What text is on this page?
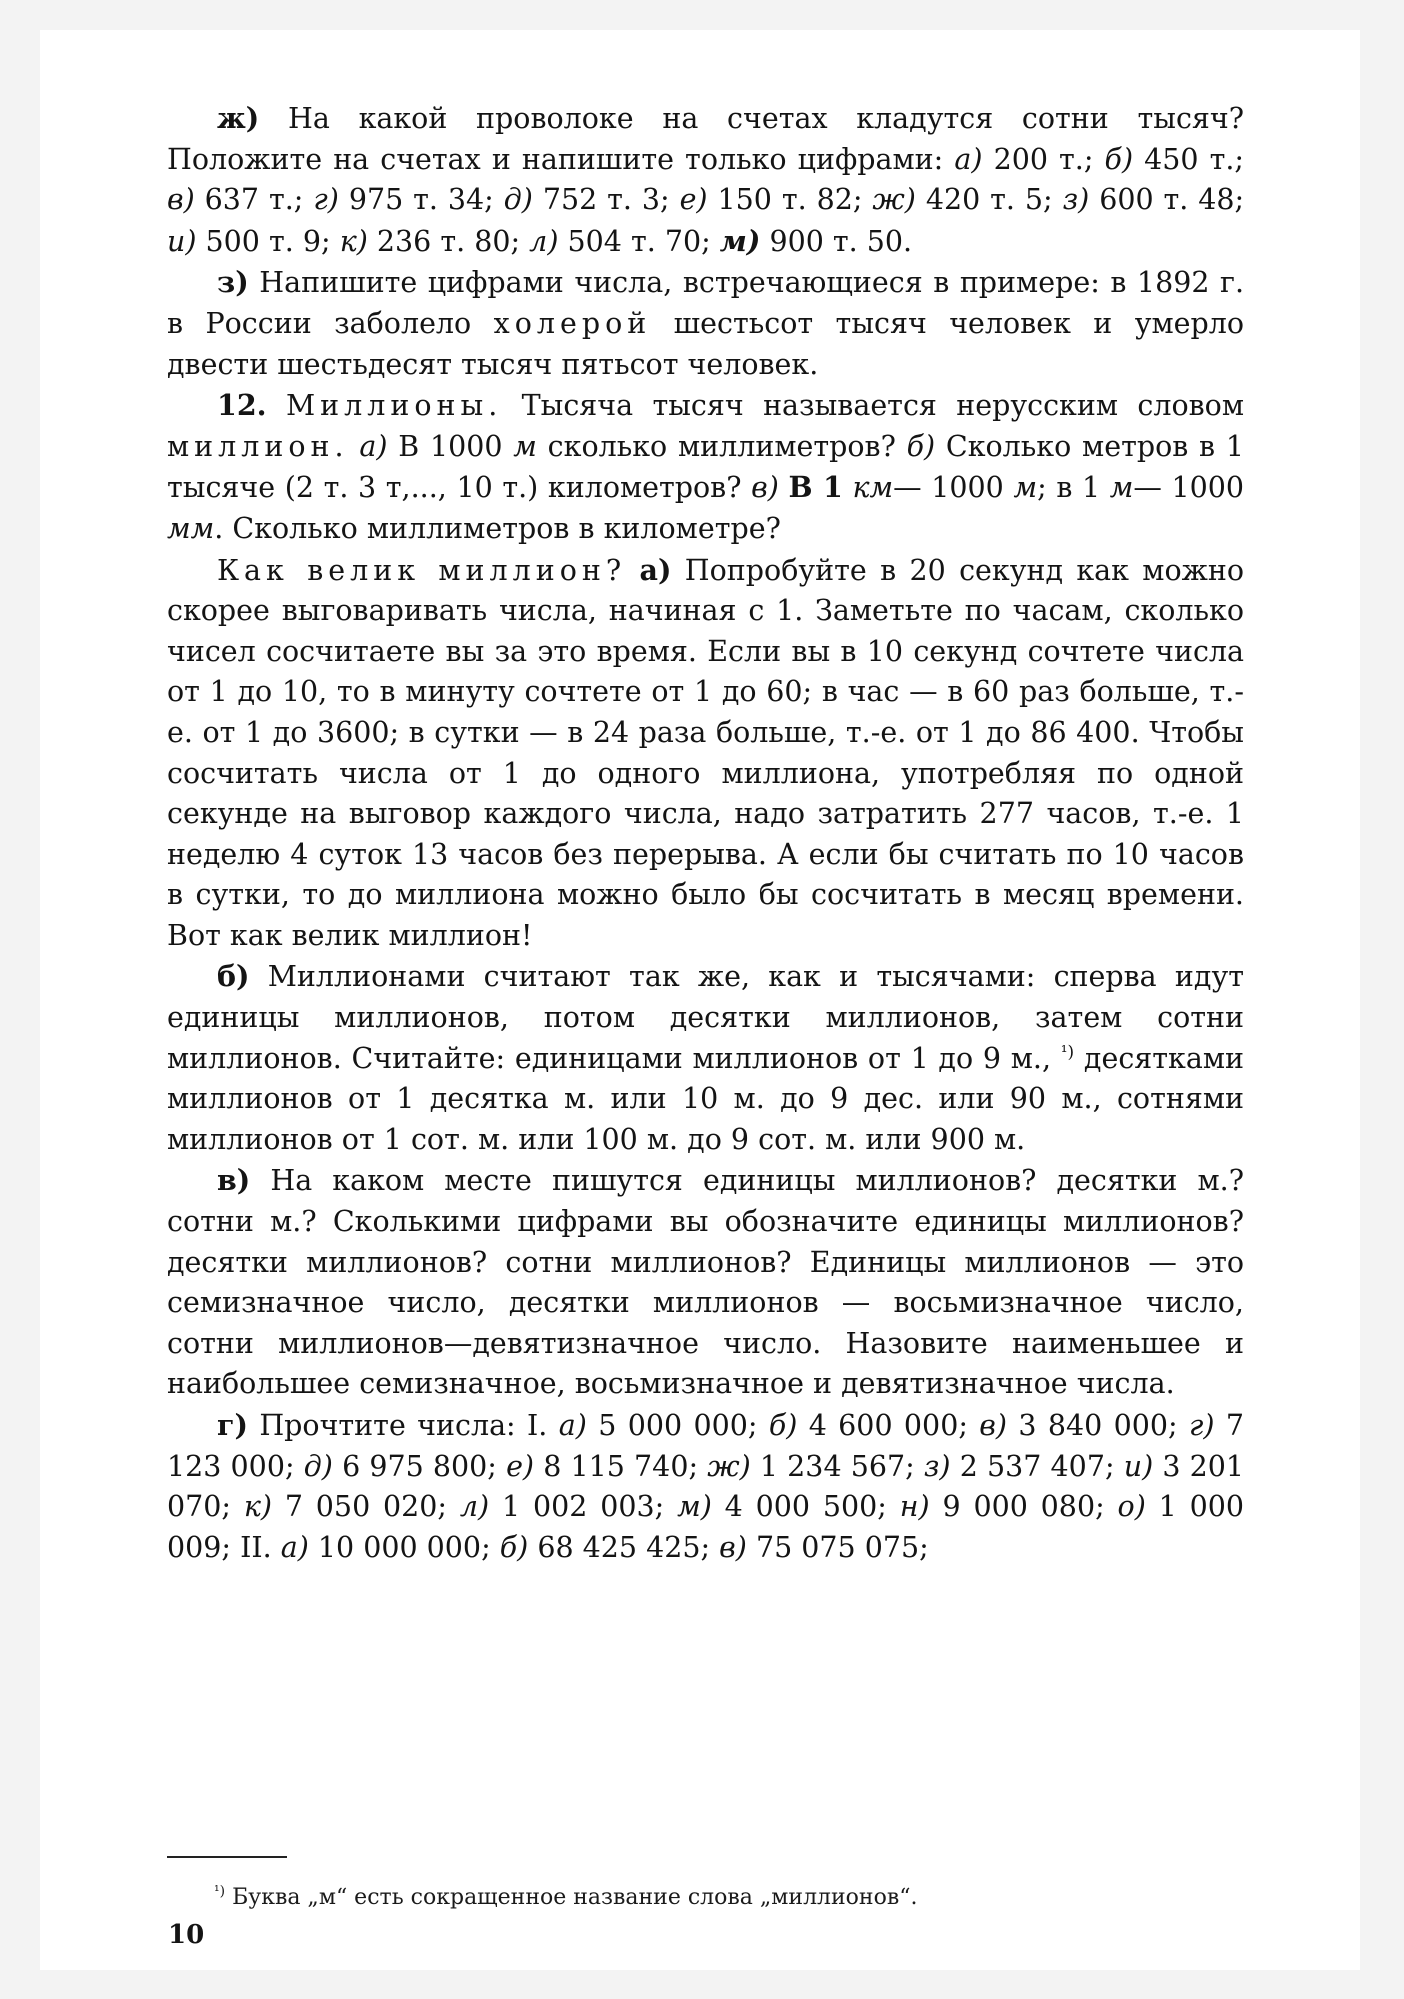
ж) На какой проволоке на счетах кладутся сотни тысяч? Положите на счетах и напишите только цифрами: а) 200 т.; б) 450 т.; в) 637 т.; г) 975 т. 34; д) 752 т. 3; е) 150 т. 82; ж) 420 т. 5; з) 600 т. 48; и) 500 т. 9; к) 236 т. 80; л) 504 т. 70; м) 900 т. 50.

з) Напишите цифрами числа, встречающиеся в примере: в 1892 г. в России заболело холерой шестьсот тысяч человек и умерло двести шестьдесят тысяч пятьсот человек.

12. Миллионы. Тысяча тысяч называется нерусским словом миллион. а) В 1000 м сколько миллиметров? б) Сколько метров в 1 тысяче (2 т. 3 т,..., 10 т.) километров? в) В 1 км— 1000 м; в 1 м— 1000 мм. Сколько миллиметров в километре?

Как велик миллион? а) Попробуйте в 20 секунд как можно скорее выговаривать числа, начиная с 1. Заметьте по часам, сколько чисел сосчитаете вы за это время. Если вы в 10 секунд сочтете числа от 1 до 10, то в минуту сочтете от 1 до 60; в час — в 60 раз больше, т.-е. от 1 до 3600; в сутки — в 24 раза больше, т.-е. от 1 до 86 400. Чтобы сосчитать числа от 1 до одного миллиона, употребляя по одной секунде на выговор каждого числа, надо затратить 277 часов, т.-е. 1 неделю 4 суток 13 часов без перерыва. А если бы считать по 10 часов в сутки, то до миллиона можно было бы сосчитать в месяц времени. Вот как велик миллион!

б) Миллионами считают так же, как и тысячами: сперва идут единицы миллионов, потом десятки миллионов, затем сотни миллионов. Считайте: единицами миллионов от 1 до 9 м., $^{^1)}$ десятками миллионов от 1 десятка м. или 10 м. до 9 дес. или 90 м., сотнями миллионов от 1 сот. м. или 100 м. до 9 сот. м. или 900 м.

в) На каком месте пишутся единицы миллионов? десятки м.? сотни м.? Сколькими цифрами вы обозначите единицы миллионов? десятки миллионов? сотни миллионов? Единицы миллионов — это семизначное число, десятки миллионов — восьмизначное число, сотни миллионов—девятизначное число. Назовите наименьшее и наибольшее семизначное, восьмизначное и девятизначное числа.

г) Прочтите числа: I. а) 5 000 000; б) 4 600 000; в) 3 840 000; г) 7 123 000; д) 6 975 800; е) 8 115 740; ж) 1 234 567; з) 2 537 407; и) 3 201 070; к) 7 050 020; л) 1 002 003; м) 4 000 500; н) 9 000 080; о) 1 000 009; II. а) 10 000 000; б) 68 425 425; в) 75 075 075;

$^{^1)}$ Буква „м“ есть сокращенное название слова „миллионов“.
10
